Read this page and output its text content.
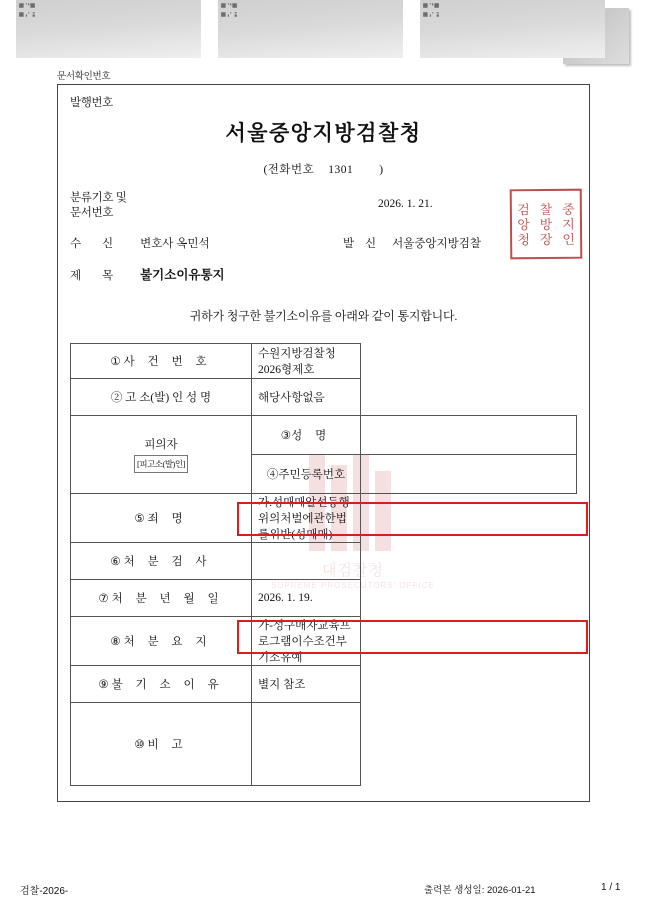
문서확인번호
대검찰청
SUPREME PROSECUTORS' OFFICE
발행번호
서울중앙지방검찰청
(전화번호 1301 )
분류기호 및
문서번호
2026. 1. 21.
수 신 변호사 옥민석	발 신 서울중앙지방검찰
제 목 불기소이유통지
검 찰 중
앙 방 지
청 장 인
귀하가 청구한 불기소이유를 아래와 같이 통지합니다.
① 사 건 번 호	수원지방검찰청 2026형제호	
② 고 소(발) 인 성 명	해당사항없음	
피의자
[피고소(발)인]	③성 명	
	④주민등록번호	
⑤ 죄 명	가.성매매알선등행위의처벌에관한법률위반(성매매)	
⑥ 처 분 검 사		
⑦ 처 분 년 월 일	2026. 1. 19.	
⑧ 처 분 요 지	가-성구매자교육프로그램이수조건부 기소유예	
⑨ 불 기 소 이 유	별지 참조	
⑩ 비 고		
검찰-2026-	출력본 생성일: 2026-01-21	1 / 1
